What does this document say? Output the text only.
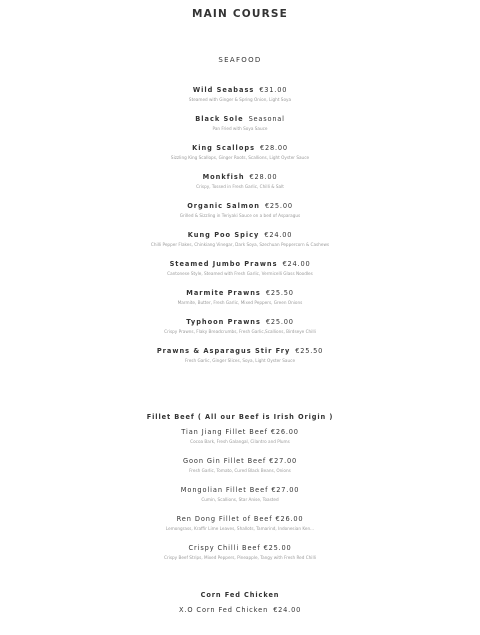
MAIN COURSE
SEAFOOD
Wild Seabass €31.00
Steamed with Ginger & Spring Onion, Light Soya
Black Sole Seasonal
Pan Fried with Soya Sauce
King Scallops €28.00
Sizzling King Scallops, Ginger Roots, Scallions, Light Oyster Sauce
Monkfish €28.00
Crispy, Tossed in Fresh Garlic, Chilli & Salt
Organic Salmon €25.00
Grilled & Sizzling in Teriyaki Sauce on a bed of Asparagus
Kung Poo Spicy €24.00
Chilli Pepper Flakes, Chinkiang Vinegar, Dark Soya, Szechuan Peppercorn & Cashews
Steamed Jumbo Prawns €24.00
Cantonese Style, Steamed with Fresh Garlic, Vermicelli Glass Noodles
Marmite Prawns €25.50
Marmite, Butter, Fresh Garlic, Mixed Peppers, Green Onions
Typhoon Prawns €25.00
Crispy Prawns, Flaky Breadcrumbs, Fresh Garlic,Scallions, Birdseye Chilli
Prawns & Asparagus Stir Fry €25.50
Fresh Garlic, Ginger Slices, Soya, Light Oyster Sauce
Fillet Beef ( All our Beef is Irish Origin )
Tian Jiang Fillet Beef €26.00
Cocoa Bark, Fresh Galangal, Cilantro and Plums
Goon Gin Fillet Beef €27.00
Fresh Garlic, Tomato, Cured Black Beans, Onions
Mongolian Fillet Beef €27.00
Cumin, Scallions, Star Anise, Toasted
Ren Dong Fillet of Beef €26.00
Lemongrass, Kraffir Lime Leaves, Shallots, Tamarind, Indonesian Ken...
Crispy Chilli Beef €25.00
Crispy Beef Strips, Mixed Peppers, Pineapple, Tangy with Fresh Red Chilli
Corn Fed Chicken
X.O Corn Fed Chicken €24.00
